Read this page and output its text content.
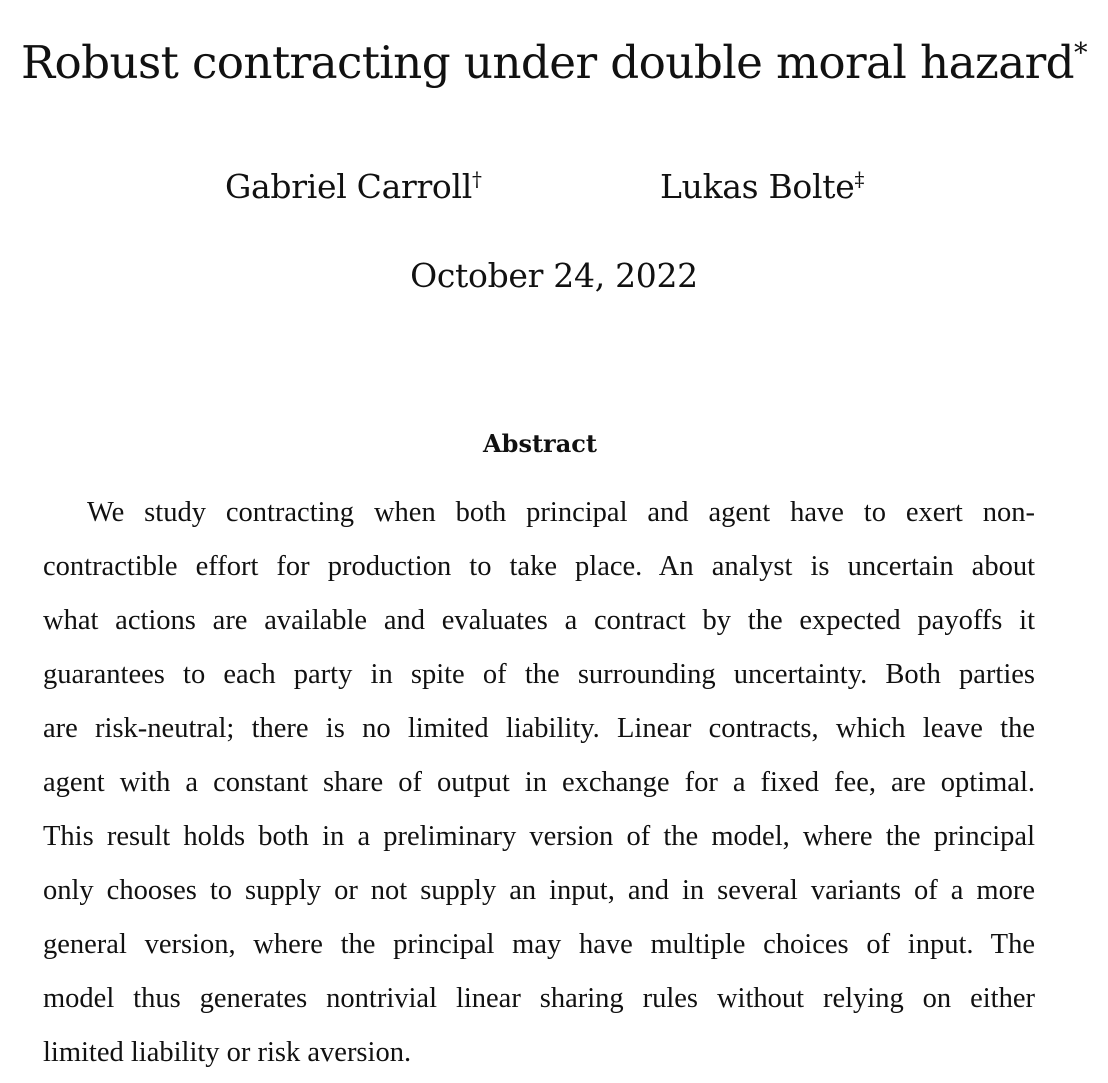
Robust contracting under double moral hazard*
Gabriel Carroll†	Lukas Bolte‡
October 24, 2022
Abstract
We study contracting when both principal and agent have to exert non-
contractible effort for production to take place. An analyst is uncertain about
what actions are available and evaluates a contract by the expected payoffs it
guarantees to each party in spite of the surrounding uncertainty. Both parties
are risk-neutral; there is no limited liability. Linear contracts, which leave the
agent with a constant share of output in exchange for a fixed fee, are optimal.
This result holds both in a preliminary version of the model, where the principal
only chooses to supply or not supply an input, and in several variants of a more
general version, where the principal may have multiple choices of input. The
model thus generates nontrivial linear sharing rules without relying on either
limited liability or risk aversion.
